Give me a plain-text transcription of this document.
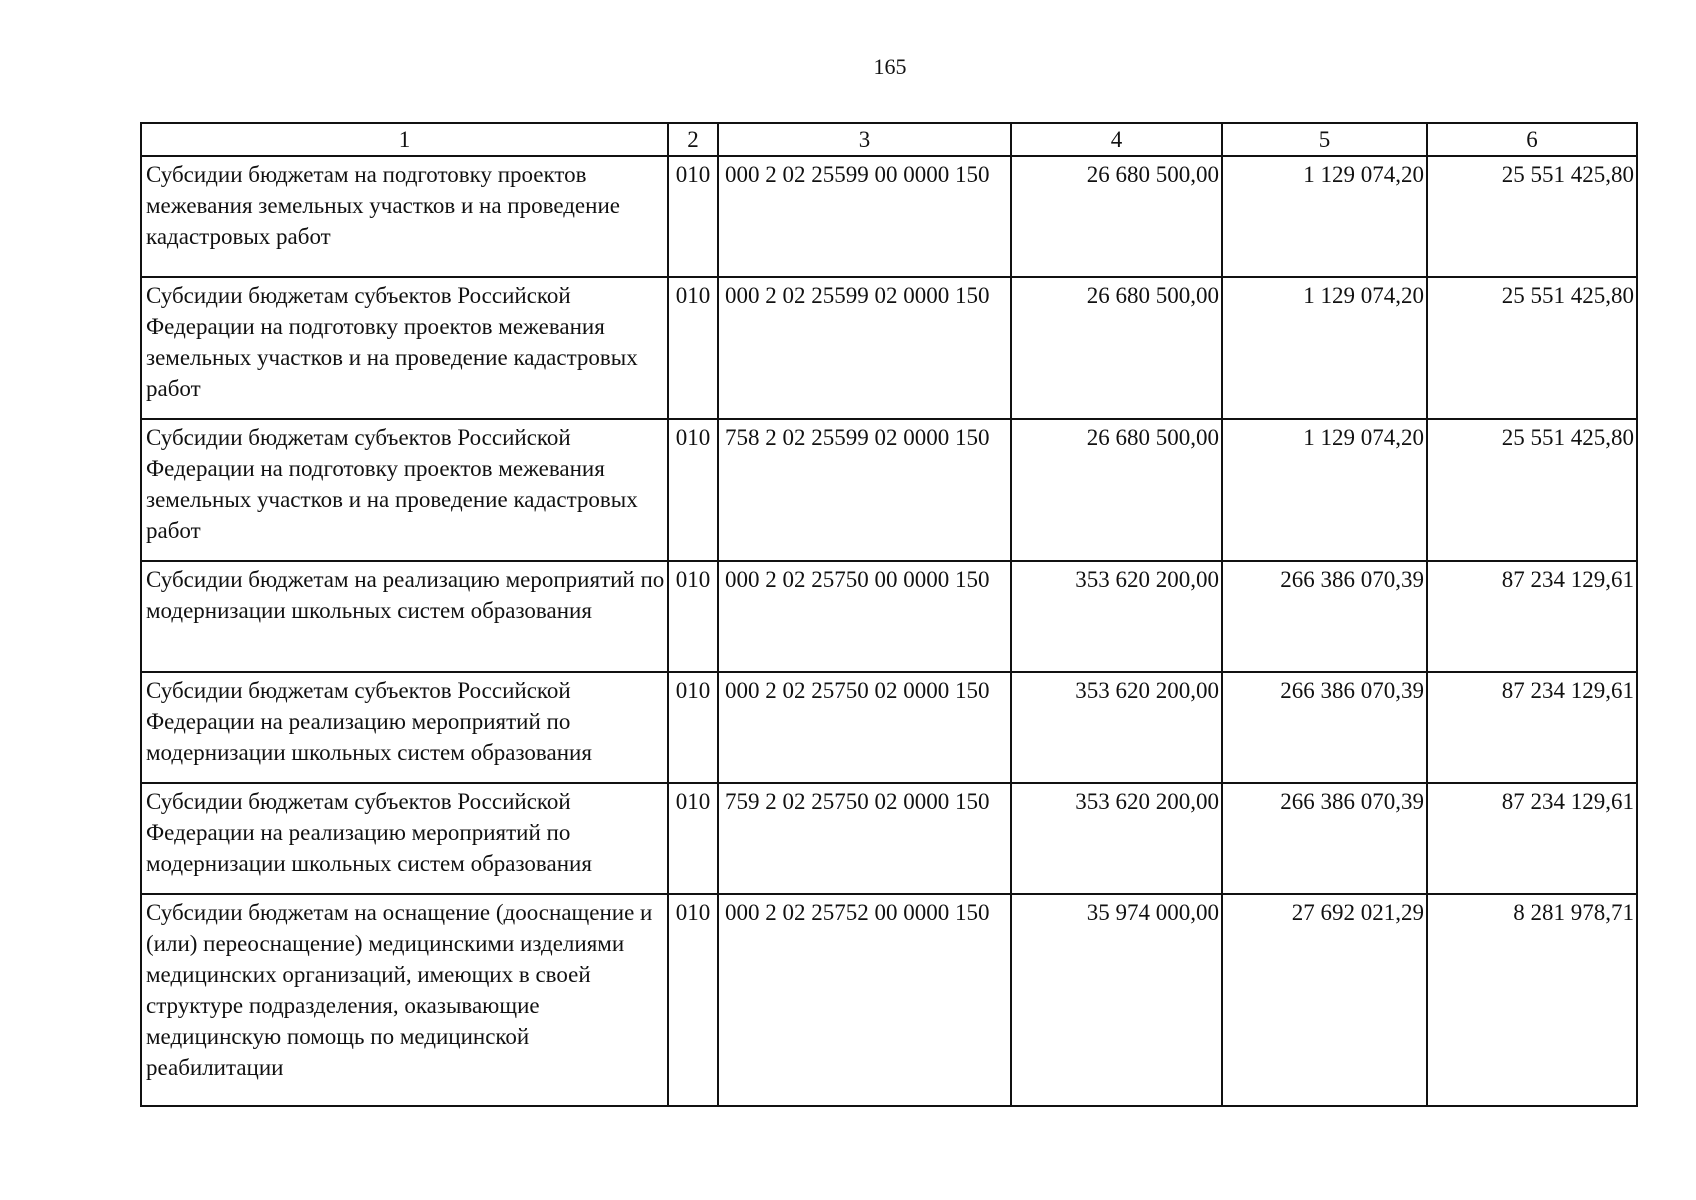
165
1	2	3	4	5	6
Субсидии бюджетам на подготовку проектов межевания земельных участков и на проведение кадастровых работ	010	000 2 02 25599 00 0000 150	26 680 500,00	1 129 074,20	25 551 425,80
Субсидии бюджетам субъектов Российской Федерации на подготовку проектов межевания земельных участков и на проведение кадастровых работ	010	000 2 02 25599 02 0000 150	26 680 500,00	1 129 074,20	25 551 425,80
Субсидии бюджетам субъектов Российской Федерации на подготовку проектов межевания земельных участков и на проведение кадастровых работ	010	758 2 02 25599 02 0000 150	26 680 500,00	1 129 074,20	25 551 425,80
Субсидии бюджетам на реализацию мероприятий по модернизации школьных систем образования	010	000 2 02 25750 00 0000 150	353 620 200,00	266 386 070,39	87 234 129,61
Субсидии бюджетам субъектов Российской Федерации на реализацию мероприятий по модернизации школьных систем образования	010	000 2 02 25750 02 0000 150	353 620 200,00	266 386 070,39	87 234 129,61
Субсидии бюджетам субъектов Российской Федерации на реализацию мероприятий по модернизации школьных систем образования	010	759 2 02 25750 02 0000 150	353 620 200,00	266 386 070,39	87 234 129,61
Субсидии бюджетам на оснащение (дооснащение и (или) переоснащение) медицинскими изделиями медицинских организаций, имеющих в своей структуре подразделения, оказывающие медицинскую помощь по медицинской реабилитации	010	000 2 02 25752 00 0000 150	35 974 000,00	27 692 021,29	8 281 978,71
